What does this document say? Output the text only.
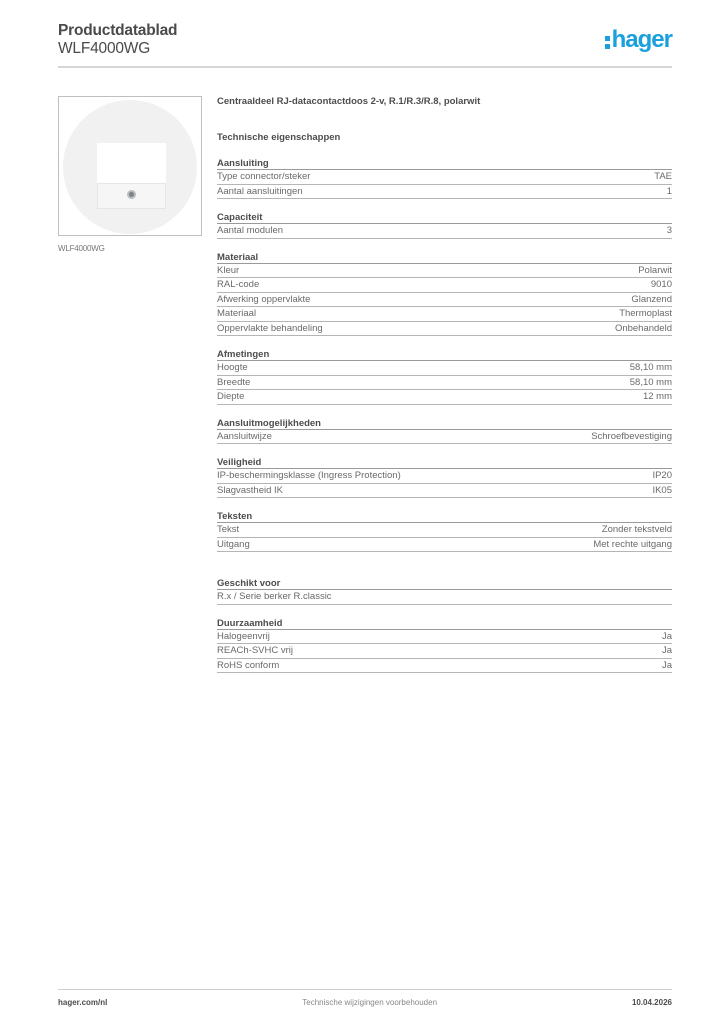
Productdatablad
WLF4000WG	hager
WLF4000WG
Centraaldeel RJ-datacontactdoos 2-v, R.1/R.3/R.8, polarwit
Technische eigenschappen
Aansluiting
Type connector/steker	TAE
Aantal aansluitingen	1
Capaciteit
Aantal modulen	3
Materiaal
Kleur	Polarwit
RAL-code	9010
Afwerking oppervlakte	Glanzend
Materiaal	Thermoplast
Oppervlakte behandeling	Onbehandeld
Afmetingen
Hoogte	58,10 mm
Breedte	58,10 mm
Diepte	12 mm
Aansluitmogelijkheden
Aansluitwijze	Schroefbevestiging
Veiligheid
IP-beschermingsklasse (Ingress Protection)	IP20
Slagvastheid IK	IK05
Teksten
Tekst	Zonder tekstveld
Uitgang	Met rechte uitgang
Geschikt voor
R.x / Serie berker R.classic
Duurzaamheid
Halogeenvrij	Ja
REACh-SVHC vrij	Ja
RoHS conform	Ja
hager.com/nl	Technische wijzigingen voorbehouden	10.04.2026
